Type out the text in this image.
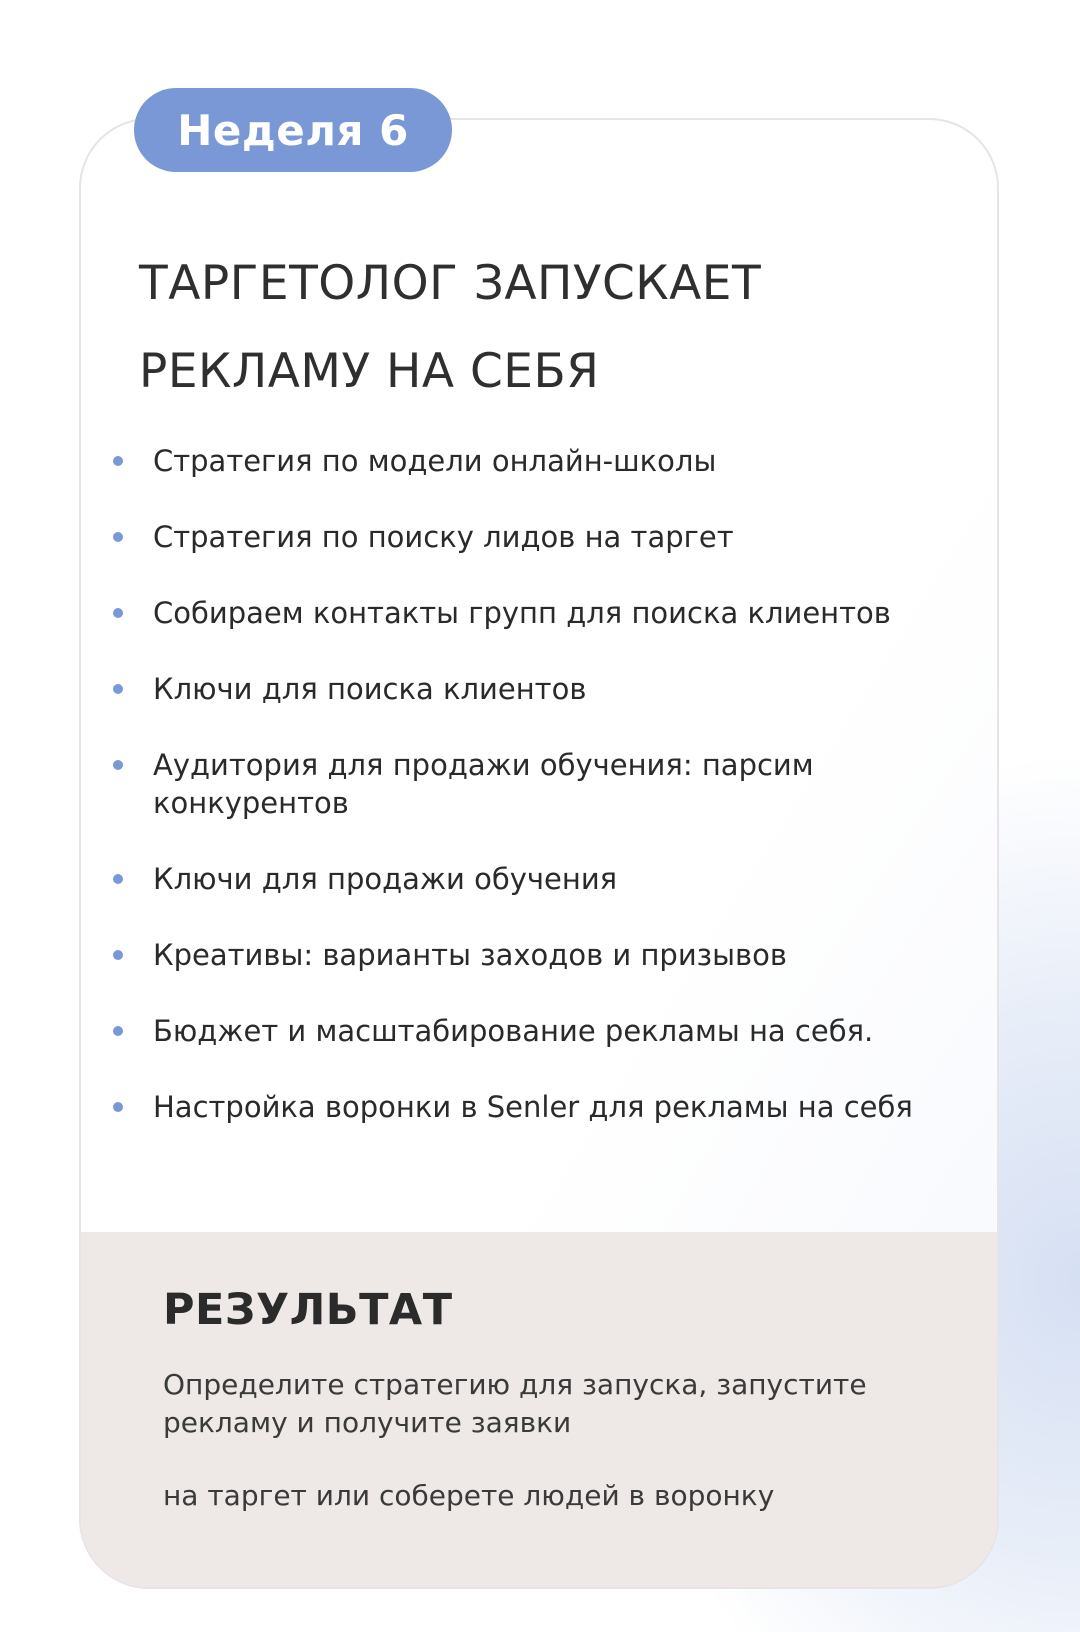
ТАРГЕТОЛОГ ЗАПУСКАЕТ
РЕКЛАМУ НА СЕБЯ
Стратегия по модели онлайн-школы
Стратегия по поиску лидов на таргет
Собираем контакты групп для поиска клиентов
Ключи для поиска клиентов
Аудитория для продажи обучения: парсим конкурентов
Ключи для продажи обучения
Креативы: варианты заходов и призывов
Бюджет и масштабирование рекламы на себя.
Настройка воронки в Senler для рекламы на себя
РЕЗУЛЬТАТ

Определите стратегию для запуска, запустите рекламу и получите заявки

на таргет или соберете людей в воронку

Неделя 6
